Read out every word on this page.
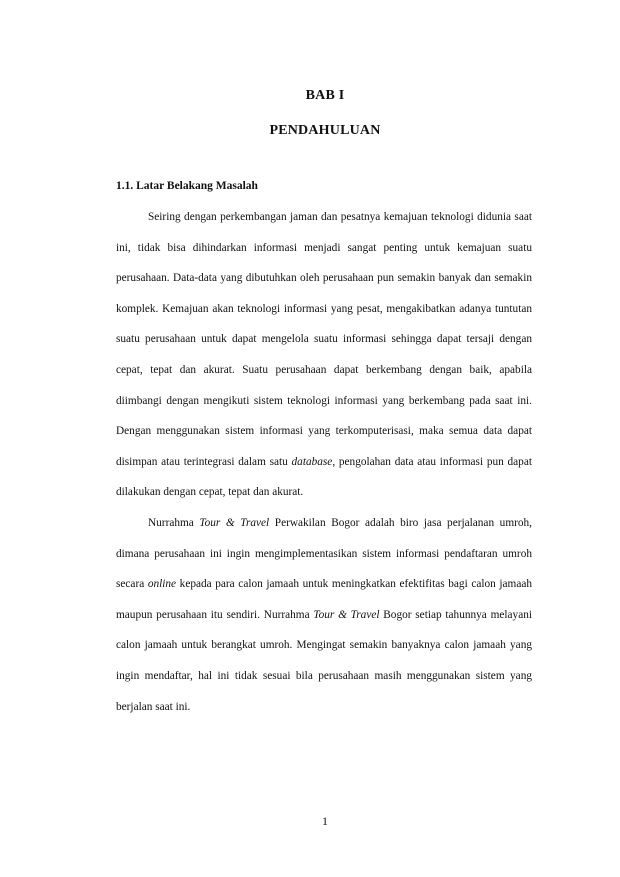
BAB I
PENDAHULUAN
1.1. Latar Belakang Masalah

Seiring dengan perkembangan jaman dan pesatnya kemajuan teknologi didunia saat ini, tidak bisa dihindarkan informasi menjadi sangat penting untuk kemajuan suatu perusahaan. Data-data yang dibutuhkan oleh perusahaan pun semakin banyak dan semakin komplek. Kemajuan akan teknologi informasi yang pesat, mengakibatkan adanya tuntutan suatu perusahaan untuk dapat mengelola suatu informasi sehingga dapat tersaji dengan cepat, tepat dan akurat. Suatu perusahaan dapat berkembang dengan baik, apabila diimbangi dengan mengikuti sistem teknologi informasi yang berkembang pada saat ini. Dengan menggunakan sistem informasi yang terkomputerisasi, maka semua data dapat disimpan atau terintegrasi dalam satu database, pengolahan data atau informasi pun dapat dilakukan dengan cepat, tepat dan akurat.

Nurrahma Tour & Travel Perwakilan Bogor adalah biro jasa perjalanan umroh, dimana perusahaan ini ingin mengimplementasikan sistem informasi pendaftaran umroh secara online kepada para calon jamaah untuk meningkatkan efektifitas bagi calon jamaah maupun perusahaan itu sendiri. Nurrahma Tour & Travel Bogor setiap tahunnya melayani calon jamaah untuk berangkat umroh. Mengingat semakin banyaknya calon jamaah yang ingin mendaftar, hal ini tidak sesuai bila perusahaan masih menggunakan sistem yang berjalan saat ini.

1
